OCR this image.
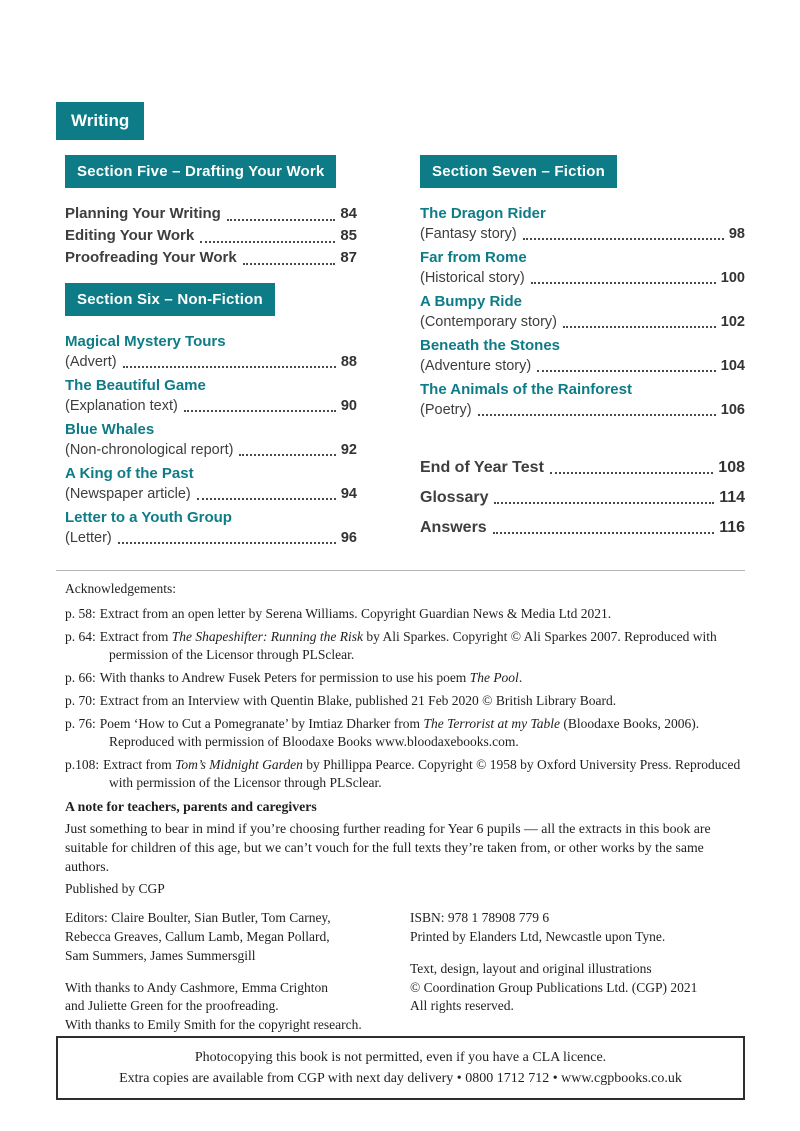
Writing
Section Five – Drafting Your Work
Planning Your Writing	84
Editing Your Work	85
Proofreading Your Work	87
Section Six – Non-Fiction
Magical Mystery Tours
(Advert)	88
The Beautiful Game
(Explanation text)	90
Blue Whales
(Non-chronological report)	92
A King of the Past
(Newspaper article)	94
Letter to a Youth Group
(Letter)	96
Section Seven – Fiction
The Dragon Rider
(Fantasy story)	98
Far from Rome
(Historical story)	100
A Bumpy Ride
(Contemporary story)	102
Beneath the Stones
(Adventure story)	104
The Animals of the Rainforest
(Poetry)	106
End of Year Test	108
Glossary	114
Answers	116
Acknowledgements:
p. 58: Extract from an open letter by Serena Williams. Copyright Guardian News & Media Ltd 2021.
p. 64: Extract from The Shapeshifter: Running the Risk by Ali Sparkes. Copyright © Ali Sparkes 2007. Reproduced with permission of the Licensor through PLSclear.
p. 66: With thanks to Andrew Fusek Peters for permission to use his poem The Pool.
p. 70: Extract from an Interview with Quentin Blake, published 21 Feb 2020 © British Library Board.
p. 76: Poem ‘How to Cut a Pomegranate’ by Imtiaz Dharker from The Terrorist at my Table (Bloodaxe Books, 2006). Reproduced with permission of Bloodaxe Books www.bloodaxebooks.com.
p.108: Extract from Tom’s Midnight Garden by Phillippa Pearce. Copyright © 1958 by Oxford University Press. Reproduced with permission of the Licensor through PLSclear.
A note for teachers, parents and caregivers
Just something to bear in mind if you’re choosing further reading for Year 6 pupils — all the extracts in this book are suitable for children of this age, but we can’t vouch for the full texts they’re taken from, or other works by the same authors.
Published by CGP
Editors: Claire Boulter, Sian Butler, Tom Carney,
Rebecca Greaves, Callum Lamb, Megan Pollard,
Sam Summers, James Summersgill
With thanks to Andy Cashmore, Emma Crighton
and Juliette Green for the proofreading.
With thanks to Emily Smith for the copyright research.
ISBN: 978 1 78908 779 6
Printed by Elanders Ltd, Newcastle upon Tyne.
Text, design, layout and original illustrations
© Coordination Group Publications Ltd. (CGP) 2021
All rights reserved.
Photocopying this book is not permitted, even if you have a CLA licence.
Extra copies are available from CGP with next day delivery • 0800 1712 712 • www.cgpbooks.co.uk
